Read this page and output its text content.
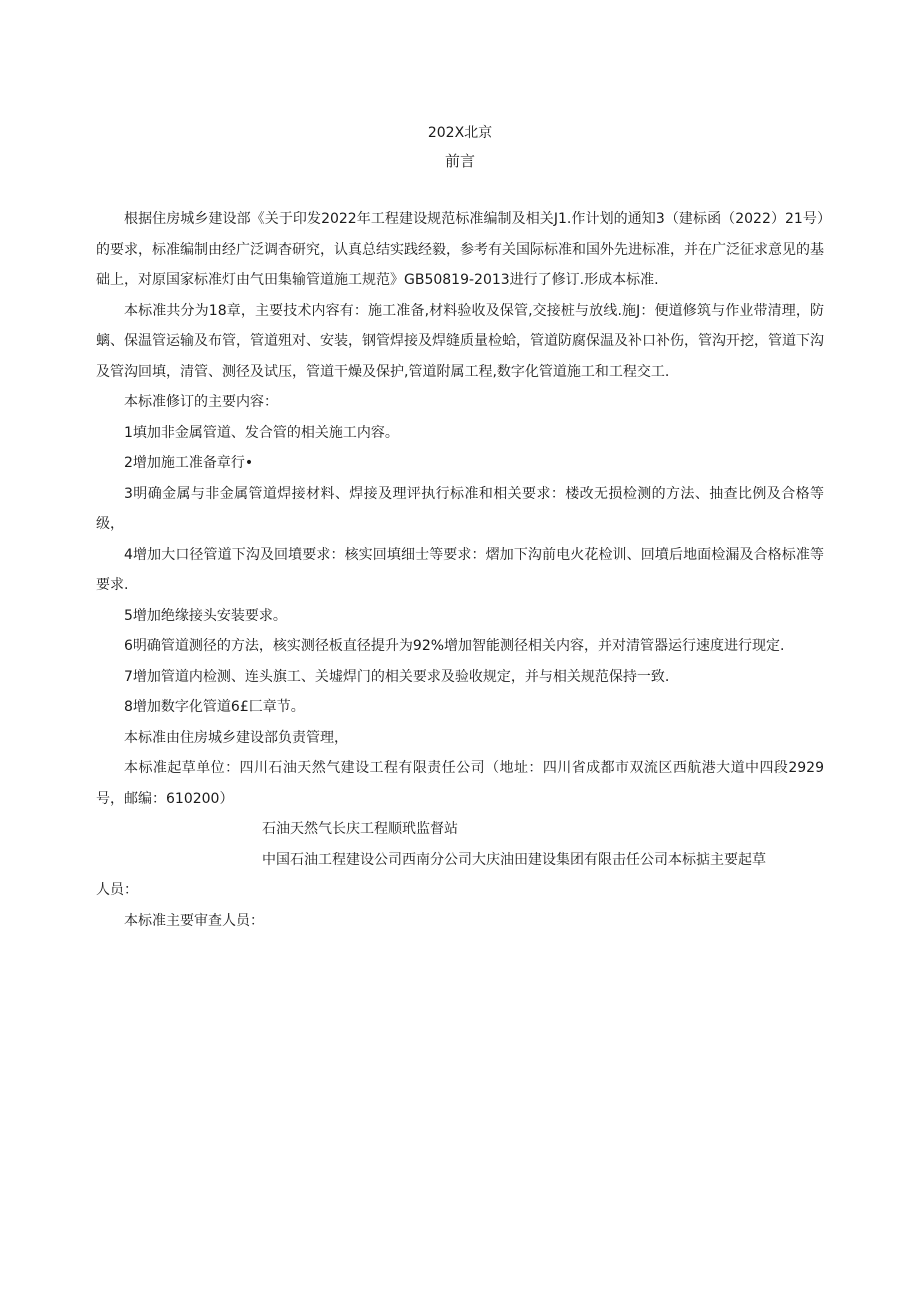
202X北京
前言

根据住房城乡建设部《关于印发2022年工程建设规范标准编制及相关J1.作计划的通知3（建标函（2022）21号）的要求，标准编制由经广泛调杳研究，认真总结实践经毅，参考有关国际标准和国外先进标准，并在广泛征求意见的基础上，对原国家标准灯由气田集输管道施工规范》GB50819-2013进行了修订.形成本标准.

本标准共分为18章，主要技术内容有：施工准备,材料验收及保管,交接桩与放线.施J：便道修筑与作业带清理，防螭、保温管运输及布管，管道殂对、安装，钢管焊接及焊缝质量检蛤，管道防腐保温及补口补伤，管沟开挖，管道下沟及管沟回填，清管、测径及试压，管道干燥及保护,管道附属工程,数字化管道施工和工程交工.

本标准修订的主要内容：

1填加非金属管道、发合管的相关施工内容。

2增加施工准备章行•

3明确金属与非金属管道焊接材料、焊接及理评执行标准和相关要求：楼改无损检测的方法、抽查比例及合格等级，

4增加大口径管道下沟及回墳要求：核实回填细士等要求：熠加下沟前电火花检训、回墳后地面检漏及合格标准等要求.

5增加绝缘接头安装要求。

6明确管道测径的方法，核实测径板直径提升为92%增加智能测径相关内容，并对清管器运行速度进行现定.

7增加管道内检测、连头旗工、关墟焊门的相关要求及验收规定，并与相关规范保持一致.

8增加数字化管道6£匚章节。

本标准由住房城乡建设部负责管理，

本标准起草单位：四川石油天然气建设工程有限责任公司（地址：四川省成都市双流区西航港大道中四段2929号，邮编：610200）

石油天然气长庆工程顺玳监督站

中国石油工程建设公司西南分公司大庆油田建设集团有限击任公司本标掂主要起草

人员：

本标准主要审查人员：
